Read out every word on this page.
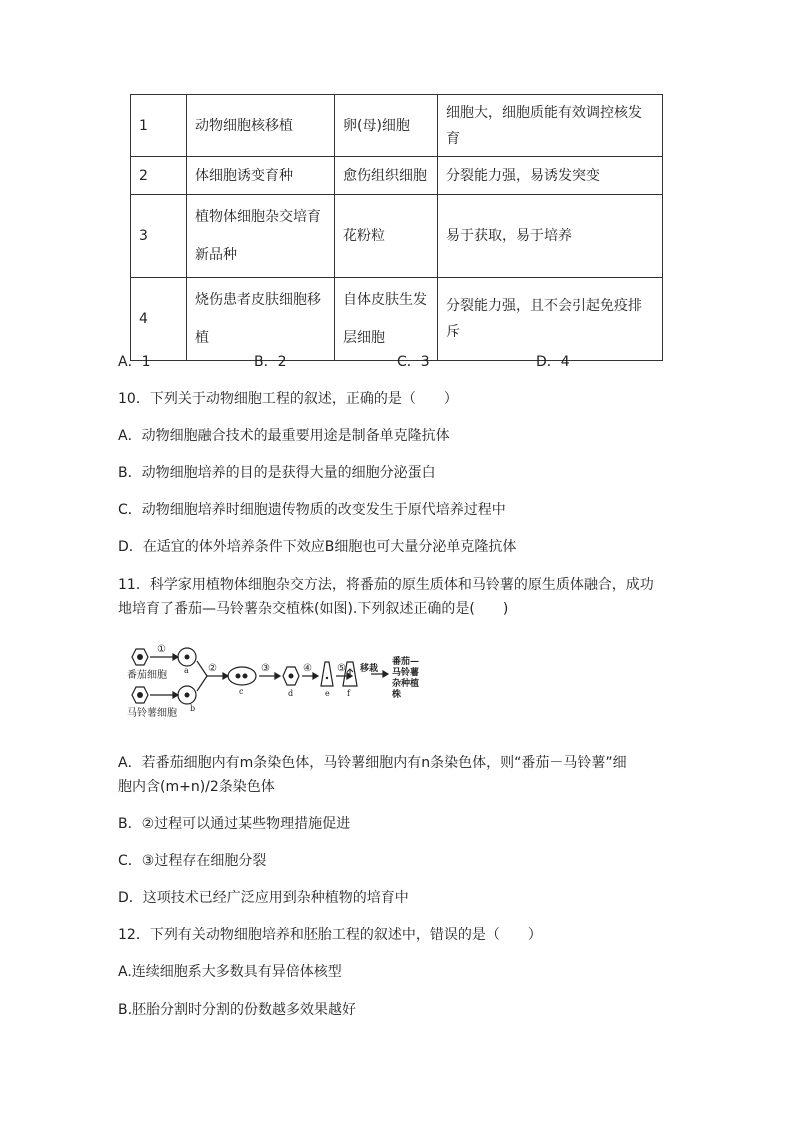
1	动物细胞核移植	卵(母)细胞	细胞大，细胞质能有效调控核发育
2	体细胞诱变育种	愈伤组织细胞	分裂能力强，易诱发突变
3	植物体细胞杂交培育新品种	花粉粒	易于获取，易于培养
4	烧伤患者皮肤细胞移植	自体皮肤生发层细胞	分裂能力强，且不会引起免疫排斥
A．1	B．2	C．3	D．4
10．下列关于动物细胞工程的叙述，正确的是（　　）
A．动物细胞融合技术的最重要用途是制备单克隆抗体
B．动物细胞培养的目的是获得大量的细胞分泌蛋白
C．动物细胞培养时细胞遗传物质的改变发生于原代培养过程中
D．在适宜的体外培养条件下效应B细胞也可大量分泌单克隆抗体
11．科学家用植物体细胞杂交方法，将番茄的原生质体和马铃薯的原生质体融合，成功
地培育了番茄—马铃薯杂交植株(如图).下列叙述正确的是(　　)
番茄细胞
马铃薯细胞
①
②	③	④	⑤
a
b
c	d	e f
移栽
番茄—
马铃薯
杂种植
株
A．若番茄细胞内有m条染色体，马铃薯细胞内有n条染色体，则“番茄－马铃薯”细
胞内含(m+n)/2条染色体
B．②过程可以通过某些物理措施促进
C．③过程存在细胞分裂
D．这项技术已经广泛应用到杂种植物的培育中
12．下列有关动物细胞培养和胚胎工程的叙述中，错误的是（　　）
A.连续细胞系大多数具有异倍体核型
B.胚胎分割时分割的份数越多效果越好
